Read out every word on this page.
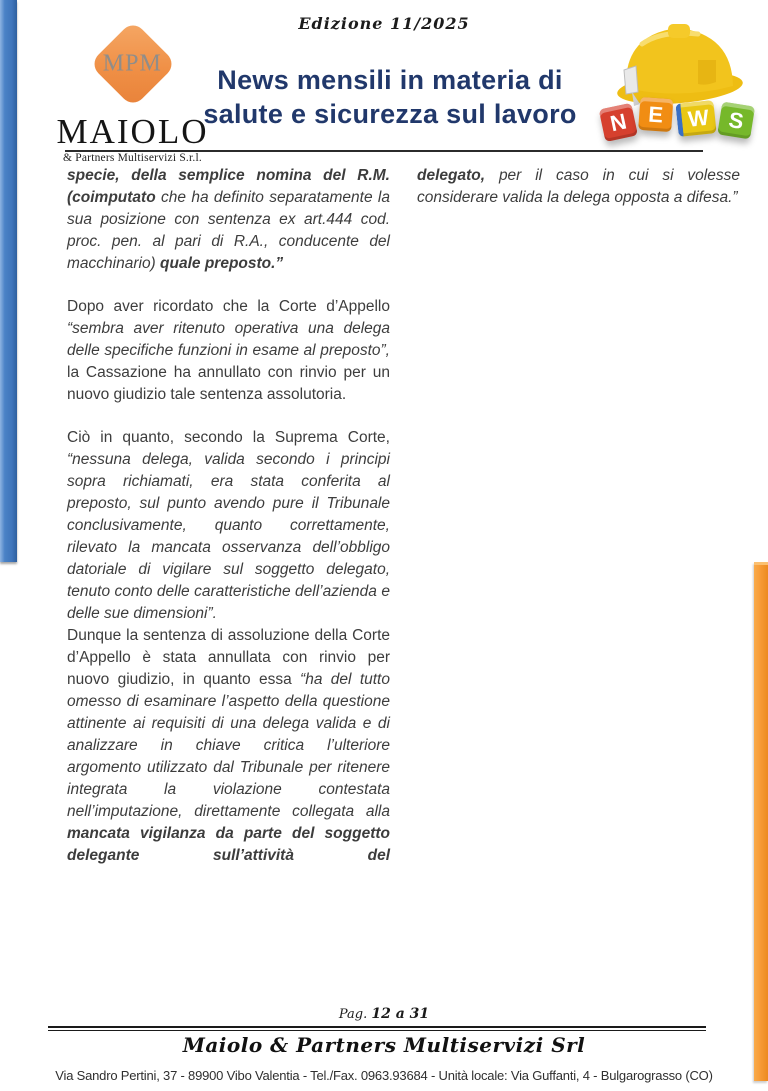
Edizione 11/2025
MPM
MAIOLO
& Partners Multiservizi S.r.l.
News mensili in materia di
salute e sicurezza sul lavoro	N E	W S

specie, della semplice nomina del R.M. (coimputato che ha definito separatamente la sua posizione con sentenza ex art.444 cod. proc. pen. al pari di R.A., conducente del macchinario) quale preposto.”

Dopo aver ricordato che la Corte d’Appello “sembra aver ritenuto operativa una delega delle specifiche funzioni in esame al preposto”, la Cassazione ha annullato con rinvio per un nuovo giudizio tale sentenza assolutoria.

Ciò in quanto, secondo la Suprema Corte, “nessuna delega, valida secondo i principi sopra richiamati, era stata conferita al preposto, sul punto avendo pure il Tribunale conclusivamente, quanto correttamente, rilevato la mancata osservanza dell’obbligo datoriale di vigilare sul soggetto delegato, tenuto conto delle caratteristiche dell’azienda e delle sue dimensioni”.

Dunque la sentenza di assoluzione della Corte d’Appello è stata annullata con rinvio per nuovo giudizio, in quanto essa “ha del tutto omesso di esaminare l’aspetto della questione attinente ai requisiti di una delega valida e di analizzare in chiave critica l’ulteriore argomento utilizzato dal Tribunale per ritenere integrata la violazione contestata nell’imputazione, direttamente collegata alla mancata vigilanza da parte del soggetto delegante sull’attività del

delegato, per il caso in cui si volesse considerare valida la delega opposta a difesa.”

Pag. 12 a 31
Maiolo & Partners Multiservizi Srl
Via Sandro Pertini, 37 - 89900 Vibo Valentia - Tel./Fax. 0963.93684 - Unità locale: Via Guffanti, 4 - Bulgarograsso (CO)
